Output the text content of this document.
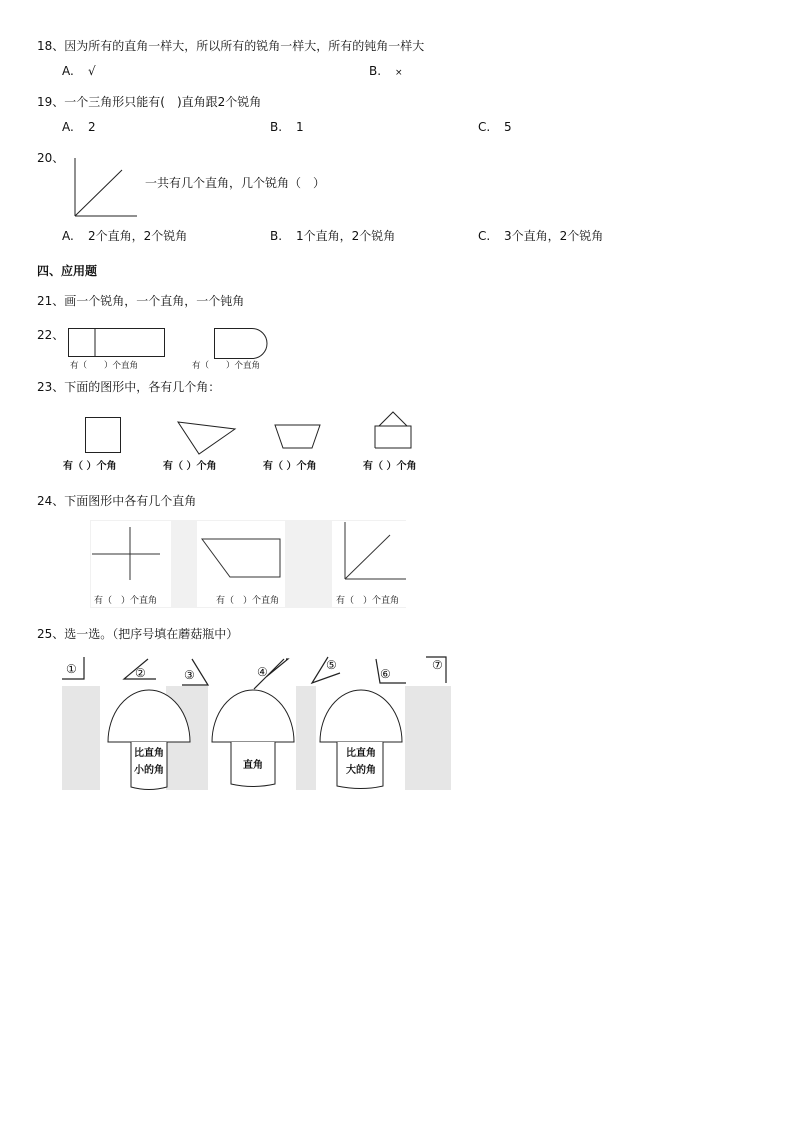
18、因为所有的直角一样大，所以所有的锐角一样大，所有的钝角一样大
A. √	B. ×
19、一个三角形只能有(　)直角跟2个锐角
A. 2	B. 1	C. 5
20、
一共有几个直角，几个锐角（　）
A. 2个直角，2个锐角	B. 1个直角，2个锐角	C. 3个直角，2个锐角
四、应用题
21、画一个锐角，一个直角，一个钝角
22、
有（　　）个直角	有（　　）个直角
23、下面的图形中，各有几个角：
有（ ）个角	有（ ）个角	有（ ）个角	有（ ）个角
24、下面图形中各有几个直角
有（　）个直角	有（　）个直角	有（　）个直角
25、选一选。（把序号填在蘑菇瓶中）
①	②	③	④	⑤
⑥
⑦
比直角
小的角	直角
比直角
大的角
